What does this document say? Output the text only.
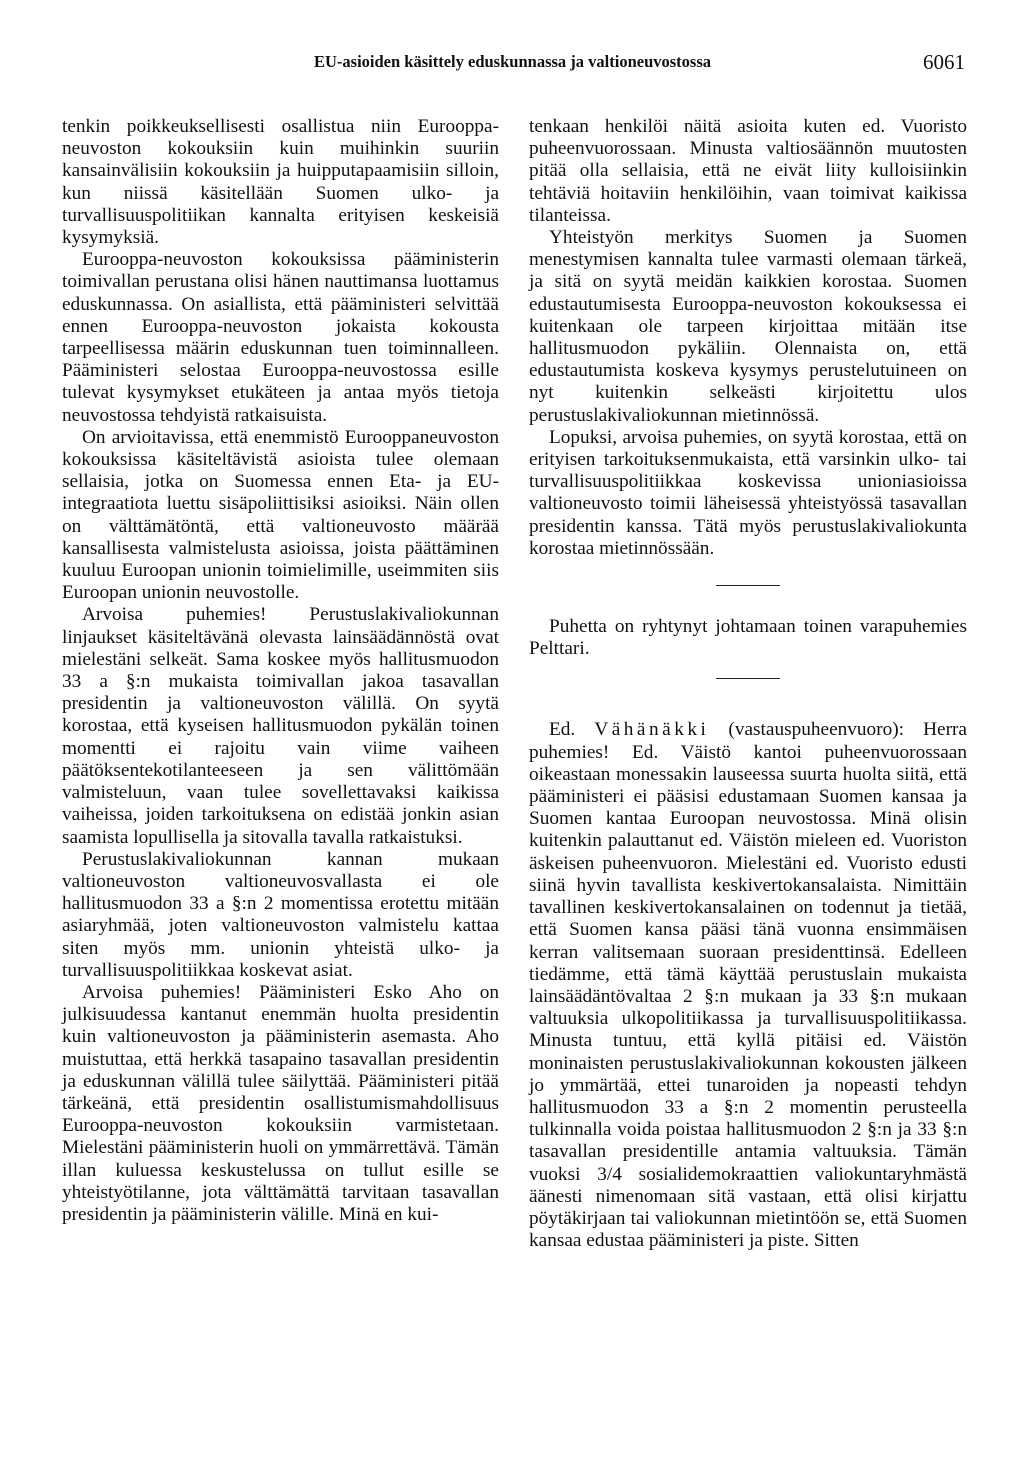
EU-asioiden käsittely eduskunnassa ja valtioneuvostossa	6061

tenkin poikkeuksellisesti osallistua niin Eurooppa-neuvoston kokouksiin kuin muihinkin suuriin kansainvälisiin kokouksiin ja huipputapaamisiin silloin, kun niissä käsitellään Suomen ulko- ja turvallisuuspolitiikan kannalta erityisen keskeisiä kysymyksiä.

Eurooppa-neuvoston kokouksissa pääministerin toimivallan perustana olisi hänen nauttimansa luottamus eduskunnassa. On asiallista, että pääministeri selvittää ennen Eurooppa-neuvoston jokaista kokousta tarpeellisessa määrin eduskunnan tuen toiminnalleen. Pääministeri selostaa Eurooppa-neuvostossa esille tulevat kysymykset etukäteen ja antaa myös tietoja neuvostossa tehdyistä ratkaisuista.

On arvioitavissa, että enemmistö Eurooppaneuvoston kokouksissa käsiteltävistä asioista tulee olemaan sellaisia, jotka on Suomessa ennen Eta- ja EU-integraatiota luettu sisäpoliittisiksi asioiksi. Näin ollen on välttämätöntä, että valtioneuvosto määrää kansallisesta valmistelusta asioissa, joista päättäminen kuuluu Euroopan unionin toimielimille, useimmiten siis Euroopan unionin neuvostolle.

Arvoisa puhemies! Perustuslakivaliokunnan linjaukset käsiteltävänä olevasta lainsäädännöstä ovat mielestäni selkeät. Sama koskee myös hallitusmuodon 33 a §:n mukaista toimivallan jakoa tasavallan presidentin ja valtioneuvoston välillä. On syytä korostaa, että kyseisen hallitusmuodon pykälän toinen momentti ei rajoitu vain viime vaiheen päätöksentekotilanteeseen ja sen välittömään valmisteluun, vaan tulee sovellettavaksi kaikissa vaiheissa, joiden tarkoituksena on edistää jonkin asian saamista lopullisella ja sitovalla tavalla ratkaistuksi.

Perustuslakivaliokunnan kannan mukaan valtioneuvoston valtioneuvosvallasta ei ole hallitusmuodon 33 a §:n 2 momentissa erotettu mitään asiaryhmää, joten valtioneuvoston valmistelu kattaa siten myös mm. unionin yhteistä ulko- ja turvallisuuspolitiikkaa koskevat asiat.

Arvoisa puhemies! Pääministeri Esko Aho on julkisuudessa kantanut enemmän huolta presidentin kuin valtioneuvoston ja pääministerin asemasta. Aho muistuttaa, että herkkä tasapaino tasavallan presidentin ja eduskunnan välillä tulee säilyttää. Pääministeri pitää tärkeänä, että presidentin osallistumismahdollisuus Eurooppa-neuvoston kokouksiin varmistetaan. Mielestäni pääministerin huoli on ymmärrettävä. Tämän illan kuluessa keskustelussa on tullut esille se yhteistyötilanne, jota välttämättä tarvitaan tasavallan presidentin ja pääministerin välille. Minä en kui-

tenkaan henkilöi näitä asioita kuten ed. Vuoristo puheenvuorossaan. Minusta valtiosäännön muutosten pitää olla sellaisia, että ne eivät liity kulloisiinkin tehtäviä hoitaviin henkilöihin, vaan toimivat kaikissa tilanteissa.

Yhteistyön merkitys Suomen ja Suomen menestymisen kannalta tulee varmasti olemaan tärkeä, ja sitä on syytä meidän kaikkien korostaa. Suomen edustautumisesta Eurooppa-neuvoston kokouksessa ei kuitenkaan ole tarpeen kirjoittaa mitään itse hallitusmuodon pykäliin. Olennaista on, että edustautumista koskeva kysymys perustelutuineen on nyt kuitenkin selkeästi kirjoitettu ulos perustuslakivaliokunnan mietinnössä.

Lopuksi, arvoisa puhemies, on syytä korostaa, että on erityisen tarkoituksenmukaista, että varsinkin ulko- tai turvallisuuspolitiikkaa koskevissa unioniasioissa valtioneuvosto toimii läheisessä yhteistyössä tasavallan presidentin kanssa. Tätä myös perustuslakivaliokunta korostaa mietinnössään.

Puhetta on ryhtynyt johtamaan toinen varapuhemies Pelttari.

Ed. Vähänäkki (vastauspuheenvuoro): Herra puhemies! Ed. Väistö kantoi puheenvuorossaan oikeastaan monessakin lauseessa suurta huolta siitä, että pääministeri ei pääsisi edustamaan Suomen kansaa ja Suomen kantaa Euroopan neuvostossa. Minä olisin kuitenkin palauttanut ed. Väistön mieleen ed. Vuoriston äskeisen puheenvuoron. Mielestäni ed. Vuoristo edusti siinä hyvin tavallista keskivertokansalaista. Nimittäin tavallinen keskivertokansalainen on todennut ja tietää, että Suomen kansa pääsi tänä vuonna ensimmäisen kerran valitsemaan suoraan presidenttinsä. Edelleen tiedämme, että tämä käyttää perustuslain mukaista lainsäädäntövaltaa 2 §:n mukaan ja 33 §:n mukaan valtuuksia ulkopolitiikassa ja turvallisuuspolitiikassa. Minusta tuntuu, että kyllä pitäisi ed. Väistön moninaisten perustuslakivaliokunnan kokousten jälkeen jo ymmärtää, ettei tunaroiden ja nopeasti tehdyn hallitusmuodon 33 a §:n 2 momentin perusteella tulkinnalla voida poistaa hallitusmuodon 2 §:n ja 33 §:n tasavallan presidentille antamia valtuuksia. Tämän vuoksi 3/4 sosialidemokraattien valiokuntaryhmästä äänesti nimenomaan sitä vastaan, että olisi kirjattu pöytäkirjaan tai valiokunnan mietintöön se, että Suomen kansaa edustaa pääministeri ja piste. Sitten
